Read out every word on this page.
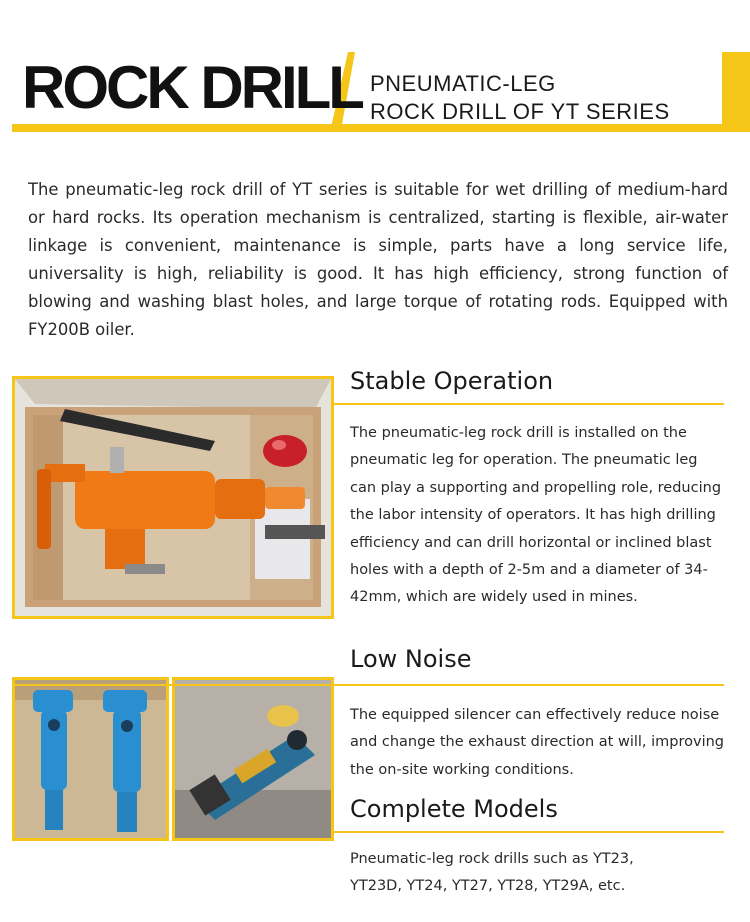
ROCK DRILL PNEUMATIC-LEG
ROCK DRILL OF YT SERIES
The pneumatic-leg rock drill of YT series is suitable for wet drilling of medium-hard or hard rocks. Its operation mechanism is centralized, starting is flexible, air-water linkage is convenient, maintenance is simple, parts have a long service life, universality is high, reliability is good. It has high efficiency, strong function of blowing and washing blast holes, and large torque of rotating rods. Equipped with FY200B oiler.
Stable Operation
The pneumatic-leg rock drill is installed on the pneumatic leg for operation. The pneumatic leg can play a supporting and propelling role, reducing the labor intensity of operators. It has high drilling efficiency and can drill horizontal or inclined blast holes with a depth of 2-5m and a diameter of 34-42mm, which are widely used in mines.
Low Noise
The equipped silencer can effectively reduce noise and change the exhaust direction at will, improving the on-site working conditions.
Complete Models
Pneumatic-leg rock drills such as YT23, YT23D, YT24, YT27, YT28, YT29A, etc.
